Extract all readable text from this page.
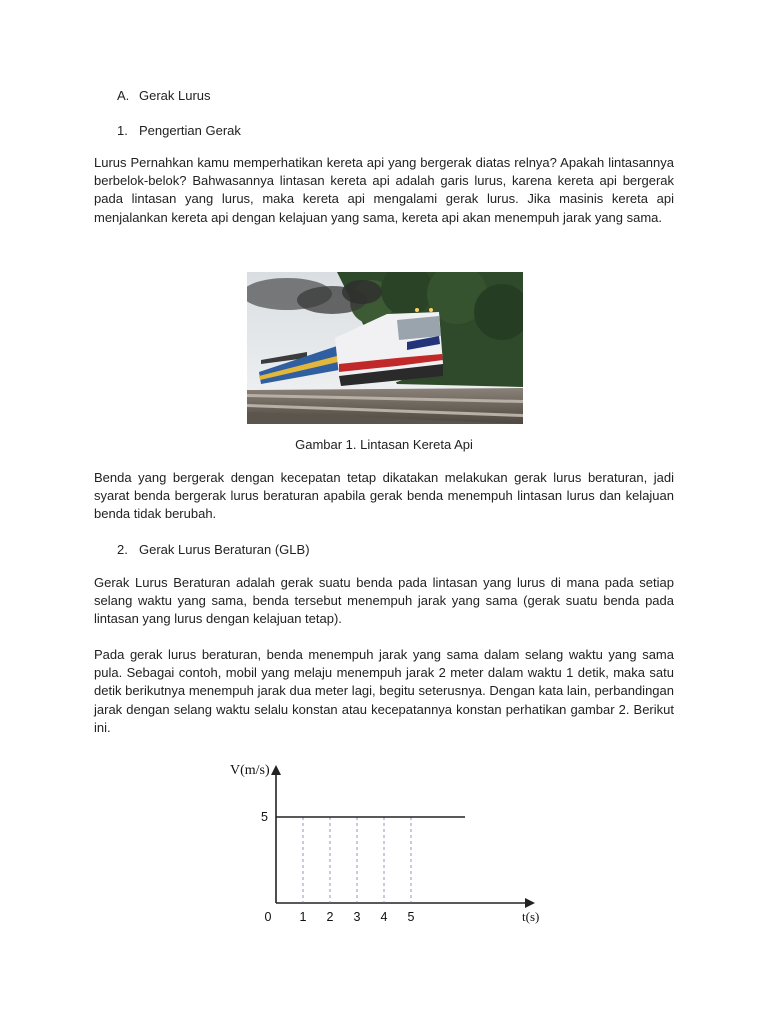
A. Gerak Lurus
1. Pengertian Gerak

Lurus Pernahkan kamu memperhatikan kereta api yang bergerak diatas relnya? Apakah lintasannya berbelok-belok? Bahwasannya lintasan kereta api adalah garis lurus, karena kereta api bergerak pada lintasan yang lurus, maka kereta api mengalami gerak lurus. Jika masinis kereta api menjalankan kereta api dengan kelajuan yang sama, kereta api akan menempuh jarak yang sama.

Gambar 1. Lintasan Kereta Api

Benda yang bergerak dengan kecepatan tetap dikatakan melakukan gerak lurus beraturan, jadi syarat benda bergerak lurus beraturan apabila gerak benda menempuh lintasan lurus dan kelajuan benda tidak berubah.

2. Gerak Lurus Beraturan (GLB)

Gerak Lurus Beraturan adalah gerak suatu benda pada lintasan yang lurus di mana pada setiap selang waktu yang sama, benda tersebut menempuh jarak yang sama (gerak suatu benda pada lintasan yang lurus dengan kelajuan tetap).

Pada gerak lurus beraturan, benda menempuh jarak yang sama dalam selang waktu yang sama pula. Sebagai contoh, mobil yang melaju menempuh jarak 2 meter dalam waktu 1 detik, maka satu detik berikutnya menempuh jarak dua meter lagi, begitu seterusnya. Dengan kata lain, perbandingan jarak dengan selang waktu selalu konstan atau kecepatannya konstan perhatikan gambar 2. Berikut ini.

V(m/s)
t(s)
0 1 2 3 4 5
5
